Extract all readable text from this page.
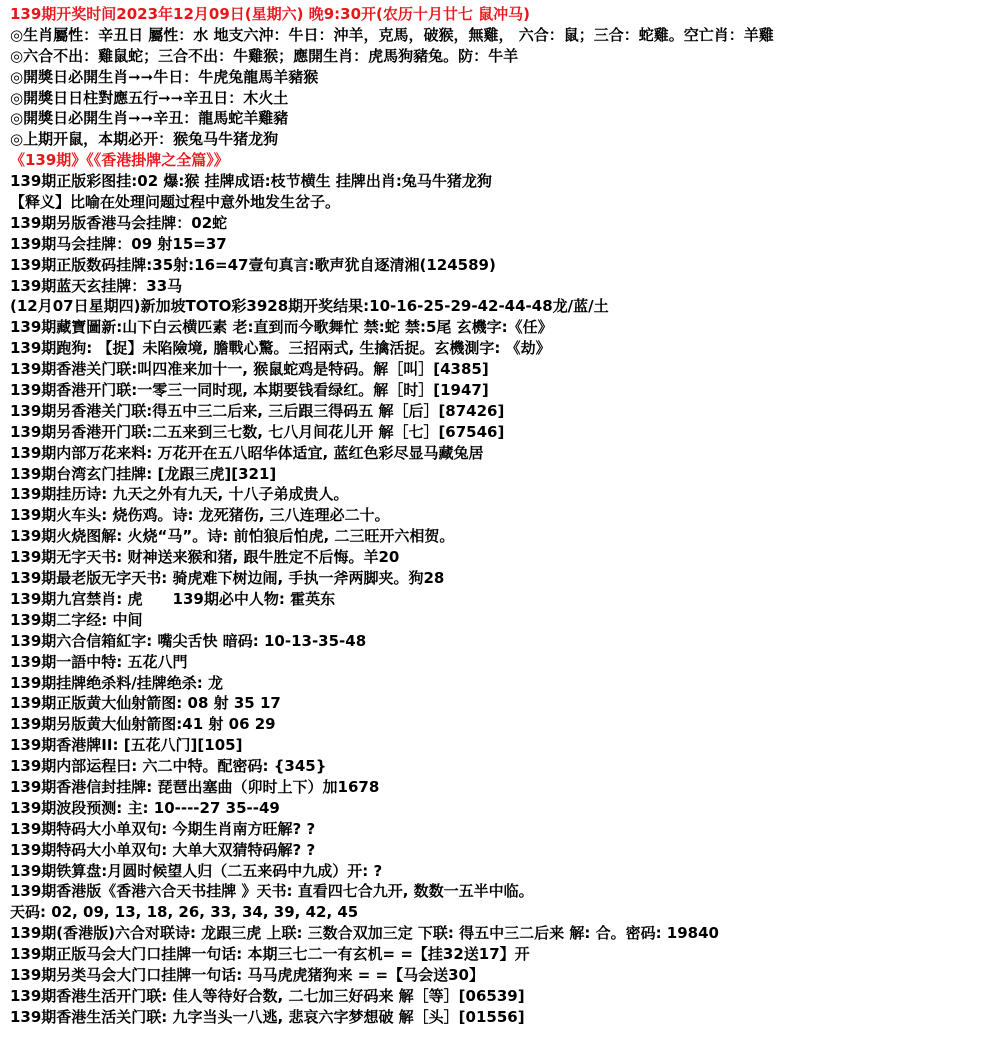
139期开奖时间2023年12月09日(星期六) 晚9:30开(农历十月廿七 鼠冲马)
◎生肖屬性：辛丑日 屬性：水 地支六沖：牛日：沖羊，克馬，破猴，無雞， 六合：鼠；三合：蛇雞。空亡肖：羊雞
◎六合不出：雞鼠蛇；三合不出：牛雞猴；應開生肖：虎馬狗豬兔。防：牛羊
◎開獎日必開生肖➞➞牛日：牛虎兔龍馬羊豬猴
◎開獎日日柱對應五行➞➞辛丑日：木火土
◎開獎日必開生肖➞➞辛丑：龍馬蛇羊雞豬
◎上期开鼠，本期必开：猴兔马牛猪龙狗
《139期》《《香港掛牌之全篇》》
139期正版彩图挂:02 爆:猴 挂牌成语:枝节横生 挂牌出肖:兔马牛猪龙狗
【释义】比喻在处理问题过程中意外地发生岔子。
139期另版香港马会挂牌：02蛇
139期马会挂牌：09 射15=37
139期正版数码挂牌:35射:16=47壹句真言:歌声犹自逐清湘(124589)
139期蓝天玄挂牌：33马
(12月07日星期四)新加坡TOTO彩3928期开奖结果:10-16-25-29-42-44-48龙/蓝/土
139期藏寶圖新:山下白云横匹素 老:直到而今歌舞忙 禁:蛇 禁:5尾 玄機字:《任》
139期跑狗: 【捉】未陷險境, 膽戰心驚。三招兩式, 生擒活捉。玄機測字: 《劫》
139期香港关门联:叫四准来加十一, 猴鼠蛇鸡是特码。解［叫］[4385]
139期香港开门联:一零三一同时现, 本期要钱看绿红。解［时］[1947]
139期另香港关门联:得五中三二后来, 三后跟三得码五 解［后］[87426]
139期另香港开门联:二五来到三七数, 七八月间花儿开 解［七］[67546]
139期内部万花来料: 万花开在五八昭华体适宜, 蓝红色彩尽显马藏兔居
139期台湾玄门挂牌: [龙跟三虎][321]
139期挂历诗: 九天之外有九天, 十八子弟成贵人。
139期火车头: 烧伤鸡。诗: 龙死猪伤, 三八连理必二十。
139期火烧图解: 火烧“马”。诗: 前怕狼后怕虎, 二三旺开六相贺。
139期无字天书: 财神送来猴和猪, 跟牛胜定不后悔。羊20
139期最老版无字天书: 骑虎难下树边闹, 手执一斧两脚夹。狗28
139期九宫禁肖: 虎　　139期必中人物: 霍英东
139期二字经: 中间
139期六合信箱紅字: 嘴尖舌快 暗码: 10-13-35-48
139期一語中特: 五花八門
139期挂牌绝杀料/挂牌绝杀: 龙
139期正版黄大仙射箭图: 08 射 35 17
139期另版黄大仙射箭图:41 射 06 29
139期香港牌II: [五花八门][105]
139期内部运程曰: 六二中特。配密码: {345}
139期香港信封挂牌: 琵琶出塞曲（卯时上下）加1678
139期波段预测: 主: 10----27 35--49
139期特码大小单双句: 今期生肖南方旺解? ?
139期特码大小单双句: 大单大双猜特码解? ?
139期铁算盘:月圆时候望人归（二五来码中九成）开: ?
139期香港版《香港六合天书挂牌 》天书: 直看四七合九开, 数数一五半中临。
天码: 02, 09, 13, 18, 26, 33, 34, 39, 42, 45
139期(香港版)六合对联诗: 龙跟三虎 上联: 三数合双加三定 下联: 得五中三二后来 解: 合。密码: 19840
139期正版马会大门口挂牌一句话: 本期三七二一有玄机= =【挂32送17】开
139期另类马会大门口挂牌一句话: 马马虎虎猪狗来 = =【马会送30】
139期香港生活开门联: 佳人等待好合数, 二七加三好码来 解［等］[06539]
139期香港生活关门联: 九字当头一八逃, 悲哀六字梦想破 解［头］[01556]
